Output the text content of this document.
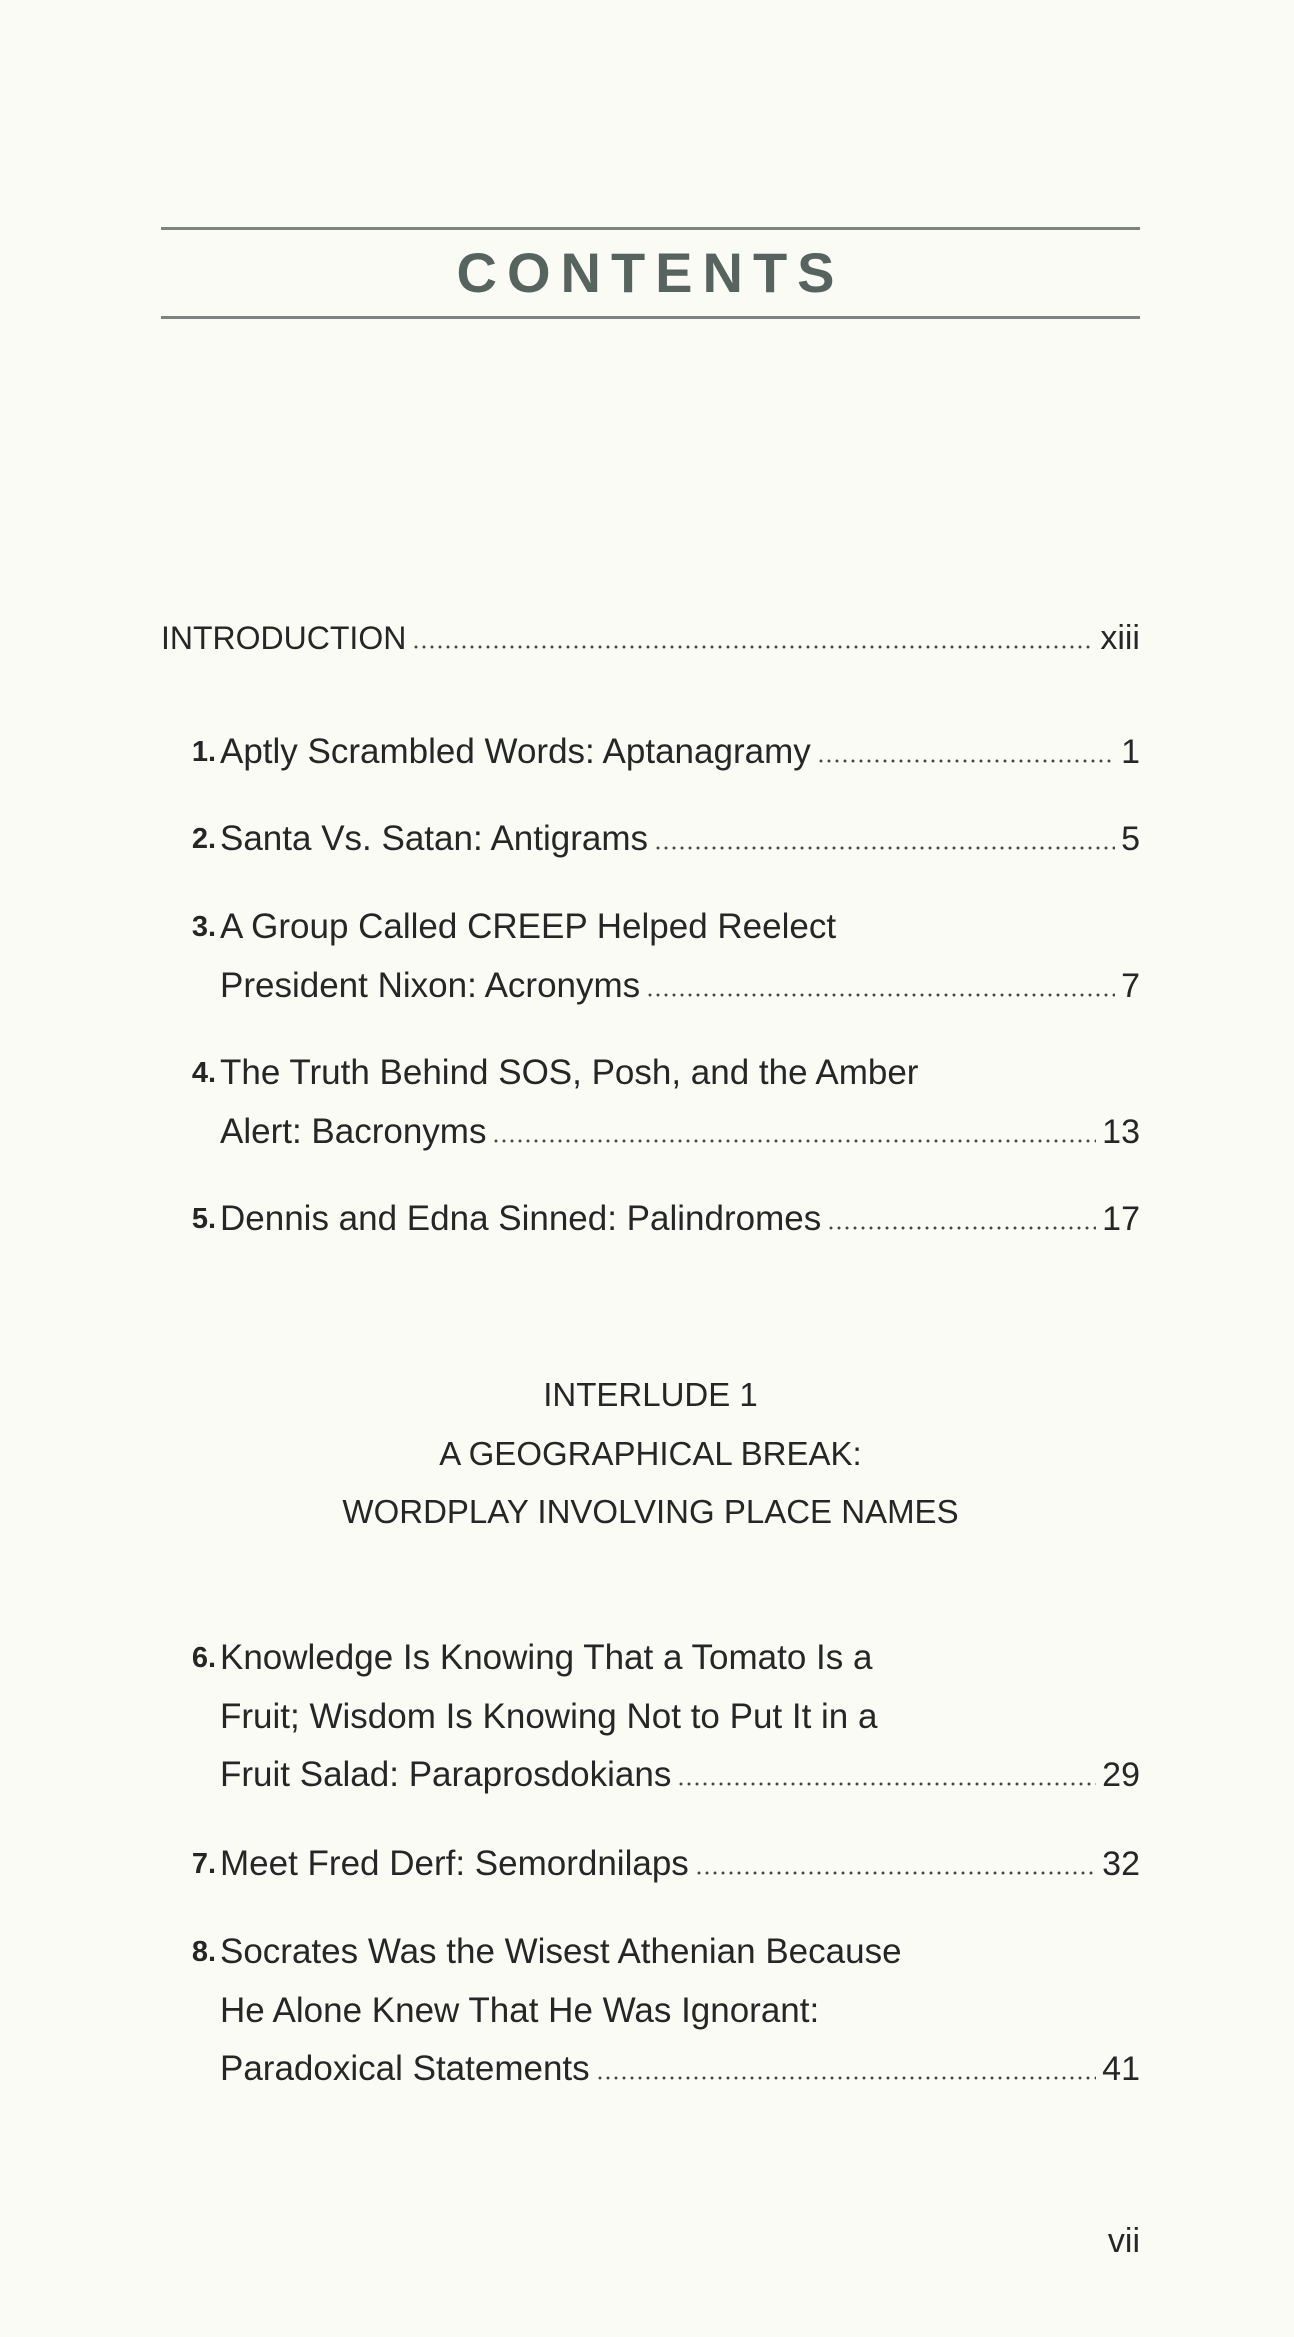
CONTENTS
INTRODUCTION	xiii
1. Aptly Scrambled Words: Aptanagramy	1
2. Santa Vs. Satan: Antigrams	5
3. A Group Called CREEP Helped Reelect
President Nixon: Acronyms	7
4. The Truth Behind SOS, Posh, and the Amber
Alert: Bacronyms	13
5. Dennis and Edna Sinned: Palindromes	17
6. Knowledge Is Knowing That a Tomato Is a
Fruit; Wisdom Is Knowing Not to Put It in a
Fruit Salad: Paraprosdokians	29
7. Meet Fred Derf: Semordnilaps	32
8. Socrates Was the Wisest Athenian Because
He Alone Knew That He Was Ignorant:
Paradoxical Statements	41
INTERLUDE 1
A GEOGRAPHICAL BREAK:
WORDPLAY INVOLVING PLACE NAMES
vii
